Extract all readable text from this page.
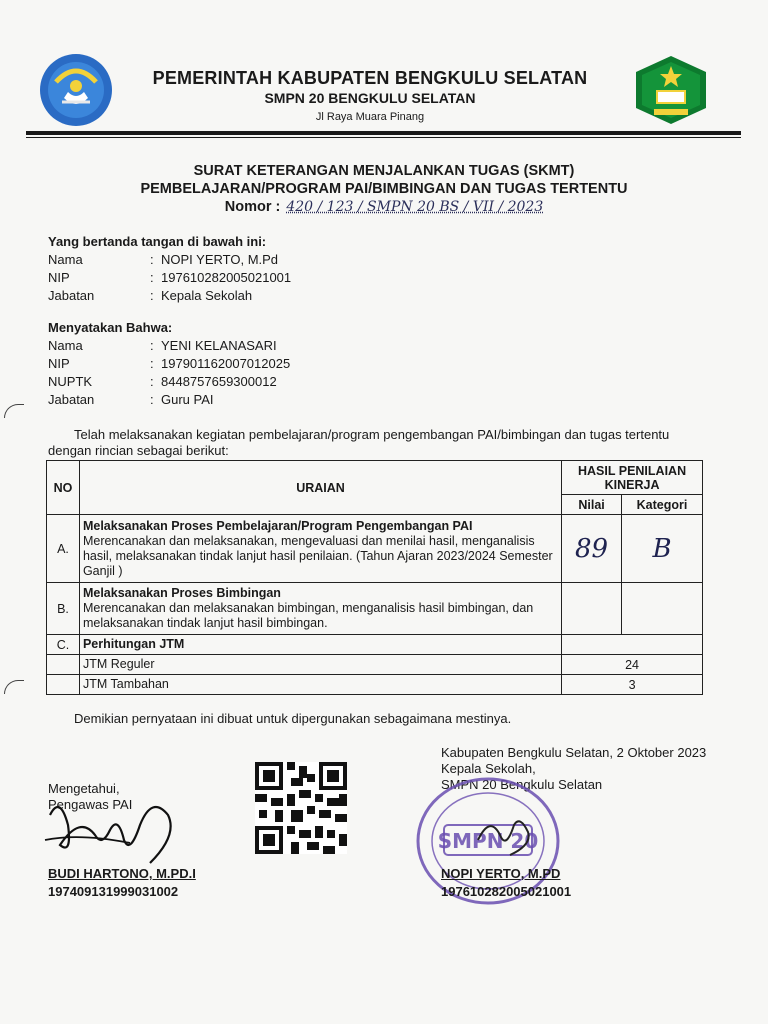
PEMERINTAH KABUPATEN BENGKULU SELATAN
SMPN 20 BENGKULU SELATAN
Jl Raya Muara Pinang
SURAT KETERANGAN MENJALANKAN TUGAS (SKMT)
PEMBELAJARAN/PROGRAM PAI/BIMBINGAN DAN TUGAS TERTENTU
Nomor : 420 / 123 / SMPN 20 BS / VII / 2023
Yang bertanda tangan di bawah ini:
Nama	: NOPI YERTO, M.Pd
NIP	: 197610282005021001
Jabatan	: Kepala Sekolah
Menyatakan Bahwa:
Nama	: YENI KELANASARI
NIP	: 197901162007012025
NUPTK	: 8448757659300012
Jabatan	: Guru PAI
Telah melaksanakan kegiatan pembelajaran/program pengembangan PAI/bimbingan dan tugas tertentu dengan rincian sebagai berikut:
NO	URAIAN	HASIL PENILAIAN KINERJA	
		Nilai	Kategori
A.	Melaksanakan Proses Pembelajaran/Program Pengembangan PAI
Merencanakan dan melaksanakan, mengevaluasi dan menilai hasil, menganalisis hasil, melaksanakan tindak lanjut hasil penilaian. (Tahun Ajaran 2023/2024 Semester Ganjil )	89	B
B.	Melaksanakan Proses Bimbingan
Merencanakan dan melaksanakan bimbingan, menganalisis hasil bimbingan, dan melaksanakan tindak lanjut hasil bimbingan.		
C.	Perhitungan JTM		
	JTM Reguler	24	
	JTM Tambahan	3	
Demikian pernyataan ini dibuat untuk dipergunakan sebagaimana mestinya.
Kabupaten Bengkulu Selatan, 2 Oktober 2023
Kepala Sekolah,
SMPN 20 Bengkulu Selatan
Mengetahui,
Pengawas PAI
SMPN 20
BUDI HARTONO, M.PD.I
197409131999031002
NOPI YERTO, M.PD
197610282005021001
